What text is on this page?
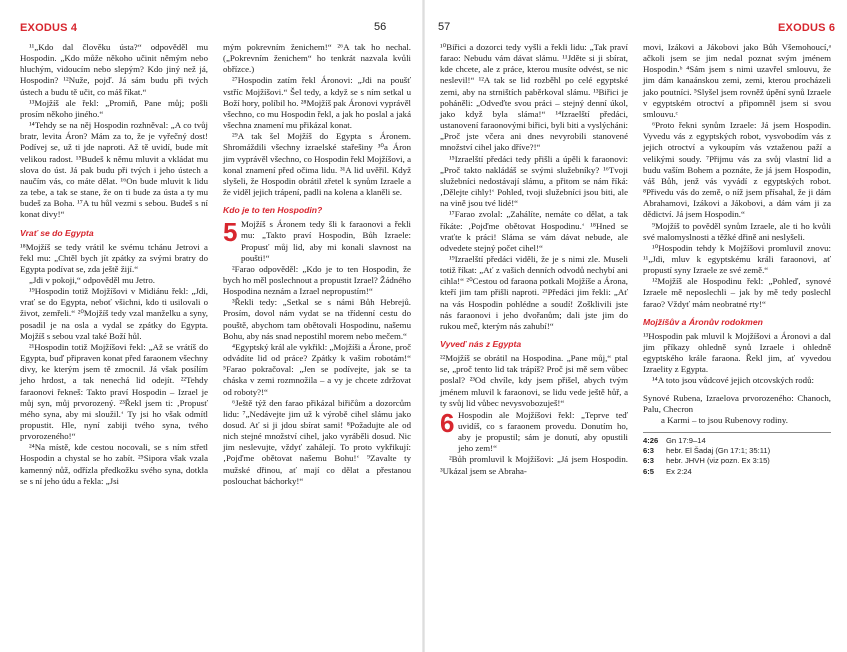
EXODUS 4	56

¹¹„Kdo dal člověku ústa?“ odpověděl mu Hospodin. „Kdo může někoho učinit němým nebo hluchým, vidoucím nebo slepým? Kdo jiný než já, Hospodin? ¹²Nuže, pojď. Já sám budu při tvých ústech a budu tě učit, co máš říkat.“

¹³Mojžíš ale řekl: „Promiň, Pane můj; pošli prosím někoho jiného.“

¹⁴Tehdy se na něj Hospodin rozhněval: „A co tvůj bratr, levita Áron? Mám za to, že je vyřečný dost! Podívej se, už ti jde naproti. Až tě uvidí, bude mít velikou radost. ¹⁵Budeš k němu mluvit a vkládat mu slova do úst. Já pak budu při tvých i jeho ústech a naučím vás, co máte dělat. ¹⁶On bude mluvit k lidu za tebe, a tak se stane, že on ti bude za ústa a ty mu budeš za Boha. ¹⁷A tu hůl vezmi s sebou. Budeš s ní konat divy!“

Vrať se do Egypta

¹⁸Mojžíš se tedy vrátil ke svému tchánu Jetrovi a řekl mu: „Chtěl bych jít zpátky za svými bratry do Egypta podívat se, zda ještě žijí.“

„Jdi v pokoji,“ odpověděl mu Jetro.

¹⁹Hospodin totiž Mojžíšovi v Midiánu řekl: „Jdi, vrať se do Egypta, neboť všichni, kdo ti usilovali o život, zemřeli.“ ²⁰Mojžíš tedy vzal manželku a syny, posadil je na osla a vydal se zpátky do Egypta. Mojžíš s sebou vzal také Boží hůl.

²¹Hospodin totiž Mojžíšovi řekl: „Až se vrátíš do Egypta, buď připraven konat před faraonem všechny divy, ke kterým jsem tě zmocnil. Já však posílím jeho hrdost, a tak nenechá lid odejít. ²²Tehdy faraonovi řekneš: Takto praví Hospodin – Izrael je můj syn, můj prvorozený. ²³Řekl jsem ti: ‚Propusť mého syna, aby mi sloužil.‘ Ty jsi ho však odmítl propustit. Hle, nyní zabiji tvého syna, tvého prvorozeného!“

²⁴Na místě, kde cestou nocovali, se s ním střetl Hospodin a chystal se ho zabít. ²⁵Sipora však vzala kamenný nůž, odřízla předkožku svého syna, dotkla se s ní jeho údu a řekla: „Jsi

mým pokrevním ženichem!“ ²⁶A tak ho nechal. („Pokrevním ženichem“ ho tenkrát nazvala kvůli obřízce.)

²⁷Hospodin zatím řekl Áronovi: „Jdi na poušť vstříc Mojžíšovi.“ Šel tedy, a když se s ním setkal u Boží hory, políbil ho. ²⁸Mojžíš pak Áronovi vyprávěl všechno, co mu Hospodin řekl, a jak ho poslal a jaká všechna znamení mu přikázal konat.

²⁹A tak šel Mojžíš do Egypta s Áronem. Shromáždili všechny izraelské stařešiny ³⁰a Áron jim vyprávěl všechno, co Hospodin řekl Mojžíšovi, a konal znamení před očima lidu. ³¹A lid uvěřil. Když slyšeli, že Hospodin obrátil zřetel k synům Izraele a že viděl jejich trápení, padli na kolena a klaněli se.

Kdo je to ten Hospodin?
5 Mojžíš s Áronem tedy šli k faraonovi a řekli mu: „Takto praví Hospodin, Bůh Izraele: Propusť můj lid, aby mi konali slavnost na poušti!“

²Farao odpověděl: „Kdo je to ten Hospodin, že bych ho měl poslechnout a propustit Izrael? Žádného Hospodina neznám a Izrael nepropustím!“

³Řekli tedy: „Setkal se s námi Bůh Hebrejů. Prosím, dovol nám vydat se na třídenní cestu do pouště, abychom tam obětovali Hospodinu, našemu Bohu, aby nás snad nepostihl morem nebo mečem.“

⁴Egyptský král ale vykřikl: „Mojžíši a Árone, proč odvádíte lid od práce? Zpátky k vašim robotám!“ ⁵Farao pokračoval: „Jen se podívejte, jak se ta cháska v zemi rozmnožila – a vy je chcete zdržovat od roboty?!“

⁶Ještě týž den farao přikázal biřičům a dozorcům lidu: ⁷„Nedávejte jim už k výrobě cihel slámu jako dosud. Ať si ji jdou sbírat sami! ⁸Požadujte ale od nich stejné množství cihel, jako vyráběli dosud. Nic jim neslevujte, vždyť zahálejí. To proto vykřikují: ‚Pojďme obětovat našemu Bohu!‘ ⁹Zavalte ty mužské dřinou, ať mají co dělat a přestanou poslouchat báchorky!“

57	EXODUS 6

¹⁰Biřici a dozorci tedy vyšli a řekli lidu: „Tak praví farao: Nebudu vám dávat slámu. ¹¹Jděte si ji sbírat, kde chcete, ale z práce, kterou musíte odvést, se nic neslevil!“ ¹²A tak se lid rozběhl po celé egyptské zemi, aby na strništích paběrkoval slámu. ¹³Biřici je poháněli: „Odveďte svou práci – stejný denní úkol, jako když byla sláma!“ ¹⁴Izraelští předáci, ustanovení faraonovými biřici, byli biti a vyslýcháni: „Proč jste včera ani dnes nevyrobili stanovené množství cihel jako dříve?!“

¹⁵Izraelští předáci tedy přišli a úpěli k faraonovi: „Proč takto nakládáš se svými služebníky? ¹⁶Tvoji služebníci nedostávají slámu, a přitom se nám říká: ‚Dělejte cihly!‘ Pohled, tvoji služebníci jsou biti, ale na vině jsou tvé lidé!“

¹⁷Farao zvolal: „Zahálíte, nemáte co dělat, a tak říkáte: ‚Pojďme obětovat Hospodinu.‘ ¹⁸Hned se vraťte k práci! Sláma se vám dávat nebude, ale odvedete stejný počet cihel!“

¹⁹Izraelští předáci viděli, že je s nimi zle. Museli totiž říkat: „Ať z vašich denních odvodů nechybí ani cihla!“ ²⁰Cestou od faraona potkali Mojžíše a Árona, kteří jim tam přišli naproti. ²¹Předáci jim řekli: „Ať na vás Hospodin pohlédne a soudí! Zošklivili jste nás faraonovi i jeho dvořanům; dali jste jim do rukou meč, kterým nás zahubí!“

Vyveď nás z Egypta

²²Mojžíš se obrátil na Hospodina. „Pane můj,“ ptal se, „proč tento lid tak trápíš? Proč jsi mě sem vůbec poslal? ²³Od chvíle, kdy jsem přišel, abych tvým jménem mluvil k faraonovi, se lidu vede ještě hůř, a ty svůj lid vůbec nevysvobozuješ!“

6 Hospodin ale Mojžíšovi řekl: „Teprve teď uvidíš, co s faraonem provedu. Donutím ho, aby je propustil; sám je donutí, aby opustili jeho zem!“

²Bůh promluvil k Mojžíšovi: „Já jsem Hospodin. ³Ukázal jsem se Abraha-

movi, Izákovi a Jákobovi jako Bůh Všemohoucí,ᵃ ačkoli jsem se jim nedal poznat svým jménem Hospodin.ᵇ ⁴Sám jsem s nimi uzavřel smlouvu, že jim dám kanaánskou zemi, zemi, kterou procházeli jako poutníci. ⁵Slyšel jsem rovněž úpění synů Izraele v egyptském otroctví a připomněl jsem si svou smlouvu.ᶜ

⁶Proto řekni synům Izraele: Já jsem Hospodin. Vyvedu vás z egyptských robot, vysvobodím vás z jejich otroctví a vykoupím vás vztaženou paží a velikými soudy. ⁷Přijmu vás za svůj vlastní lid a budu vaším Bohem a poznáte, že já jsem Hospodin, váš Bůh, jenž vás vyvádí z egyptských robot. ⁸Přivedu vás do země, o níž jsem přísahal, že ji dám Abrahamovi, Izákovi a Jákobovi, a dám vám ji za dědictví. Já jsem Hospodin.“

⁹Mojžíš to pověděl synům Izraele, ale ti ho kvůli své malomyslnosti a těžké dřině ani neslyšeli.

¹⁰Hospodin tehdy k Mojžíšovi promluvil znovu: ¹¹„Jdi, mluv k egyptskému králi faraonovi, ať propustí syny Izraele ze své země.“

¹²Mojžíš ale Hospodinu řekl: „Pohleď, synové Izraele mě neposlechli – jak by mě tedy poslechl farao? Vždyť mám neobratné rty!“

Mojžíšův a Áronův rodokmen

¹³Hospodin pak mluvil k Mojžíšovi a Áronovi a dal jim příkazy ohledně synů Izraele i ohledně egyptského krále faraona. Řekl jim, ať vyvedou Izraelity z Egypta.

¹⁴A toto jsou vůdcové jejich otcovských rodů:

Synové Rubena, Izraelova prvorozeného: Chanoch, Palu, Checron

a Karmi – to jsou Rubenovy rodiny.

4:26 Gn 17:9–14

6:3 hebr. El Šadaj (Gn 17:1; 35:11)

6:3 hebr. JHVH (viz pozn. Ex 3:15)

6:5 Ex 2:24
